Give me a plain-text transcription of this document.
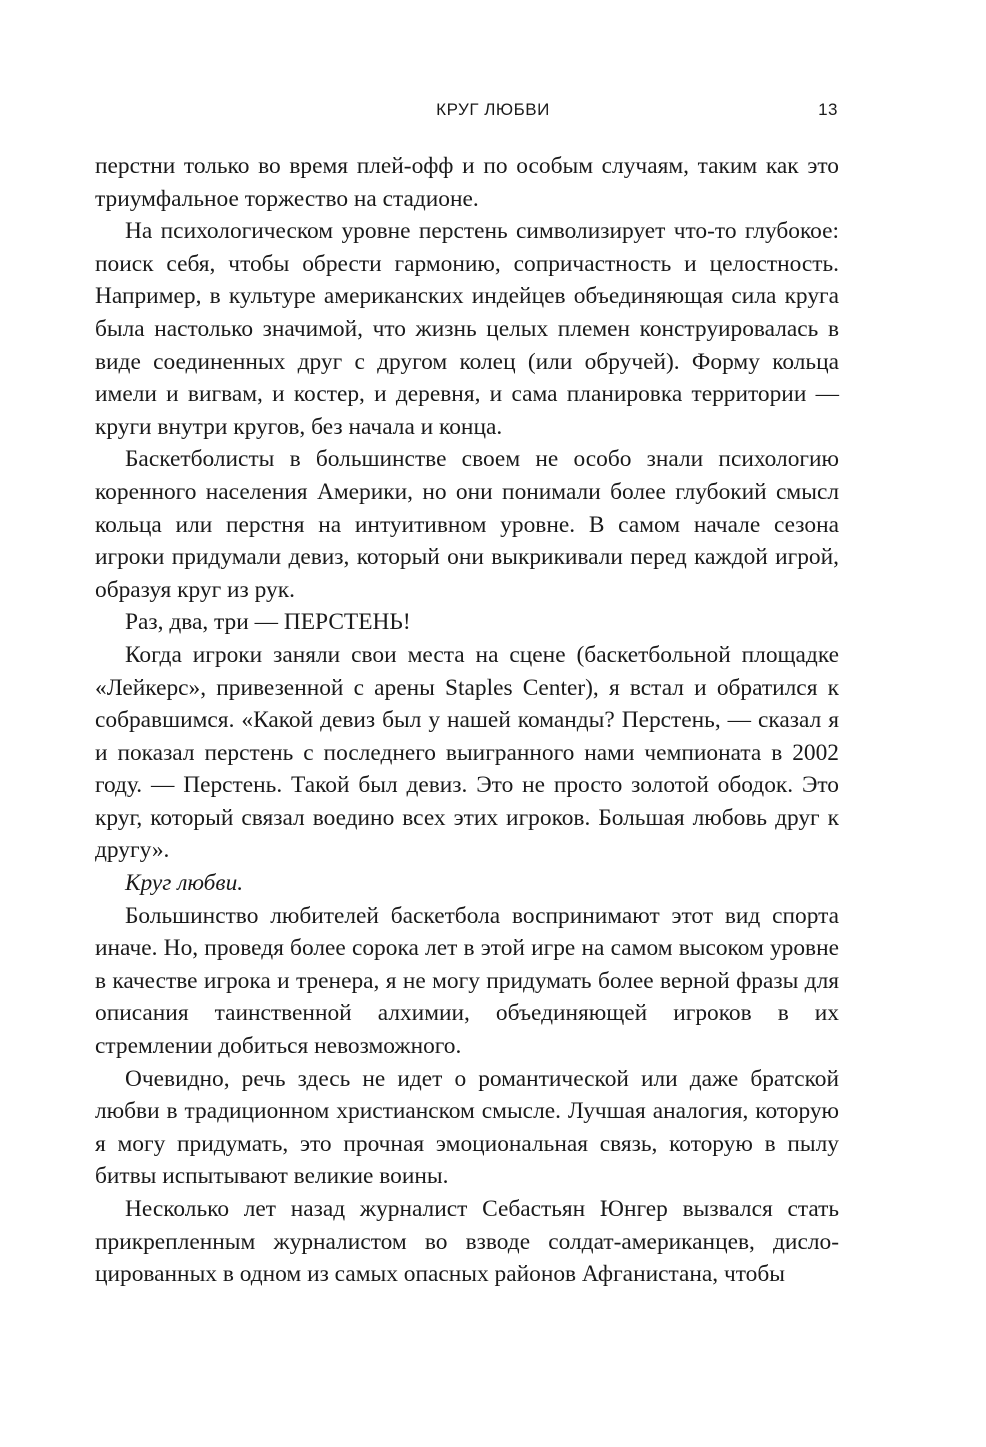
КРУГ ЛЮБВИ	13

перстни только во время плей-офф и по особым случаям, таким как это триумфальное торжество на стадионе.

На психологическом уровне перстень символизирует что-то глубокое: поиск себя, чтобы обрести гармонию, сопричастность и целостность. Например, в культуре американских индейцев объединяющая сила круга была настолько значимой, что жизнь целых племен конструировалась в виде соединенных друг с другом колец (или обручей). Форму кольца имели и вигвам, и костер, и деревня, и сама планировка территории — круги внутри кругов, без начала и конца.

Баскетболисты в большинстве своем не особо знали психологию коренного населения Америки, но они понимали более глубокий смысл кольца или перстня на интуитивном уровне. В самом начале сезона игроки придумали девиз, который они выкрикивали перед каждой игрой, образуя круг из рук.

Раз, два, три — ПЕРСТЕНЬ!

Когда игроки заняли свои места на сцене (баскетбольной площадке «Лейкерс», привезенной с арены Staples Center), я встал и обратился к собравшимся. «Какой девиз был у нашей команды? Перстень, — сказал я и показал перстень с последнего выигранного нами чемпионата в 2002 году. — Перстень. Такой был девиз. Это не просто золотой ободок. Это круг, который связал воедино всех этих игроков. Большая любовь друг к другу».

Круг любви.

Большинство любителей баскетбола воспринимают этот вид спорта иначе. Но, проведя более сорока лет в этой игре на самом высоком уровне в качестве игрока и тренера, я не могу придумать более верной фразы для описания таинственной алхимии, объединяющей игроков в их стремлении добиться невозможного.

Очевидно, речь здесь не идет о романтической или даже братской любви в традиционном христианском смысле. Лучшая аналогия, которую я могу придумать, это прочная эмоциональная связь, которую в пылу битвы испытывают великие воины.

Несколько лет назад журналист Себастьян Юнгер вызвался стать прикрепленным журналистом во взводе солдат-американцев, дислоцированных в одном из самых опасных районов Афганистана, чтобы
